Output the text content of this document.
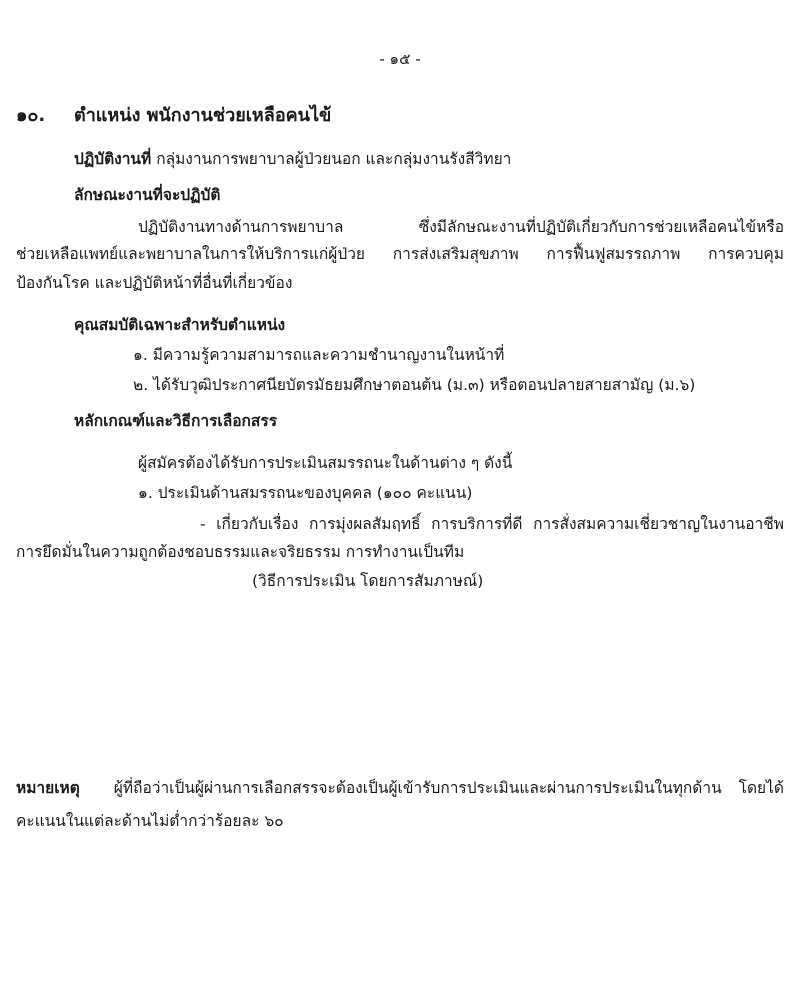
- ๑๕ -
๑๐. ตำแหน่ง พนักงานช่วยเหลือคนไข้
ปฏิบัติงานที่ กลุ่มงานการพยาบาลผู้ป่วยนอก และกลุ่มงานรังสีวิทยา
ลักษณะงานที่จะปฏิบัติ
ปฏิบัติงานทางด้านการพยาบาล ซึ่งมีลักษณะงานที่ปฏิบัติเกี่ยวกับการช่วยเหลือคนไข้หรือ
ช่วยเหลือแพทย์และพยาบาลในการให้บริการแก่ผู้ป่วย การส่งเสริมสุขภาพ การฟื้นฟูสมรรถภาพ การควบคุม
ป้องกันโรค และปฏิบัติหน้าที่อื่นที่เกี่ยวข้อง
คุณสมบัติเฉพาะสำหรับตำแหน่ง
๑. มีความรู้ความสามารถและความชำนาญงานในหน้าที่
๒. ได้รับวุฒิประกาศนียบัตรมัธยมศึกษาตอนต้น (ม.๓) หรือตอนปลายสายสามัญ (ม.๖)
หลักเกณฑ์และวิธีการเลือกสรร
ผู้สมัครต้องได้รับการประเมินสมรรถนะในด้านต่าง ๆ ดังนี้
๑. ประเมินด้านสมรรถนะของบุคคล (๑๐๐ คะแนน)
- เกี่ยวกับเรื่อง การมุ่งผลสัมฤทธิ์ การบริการที่ดี การสั่งสมความเชี่ยวชาญในงานอาชีพ
การยึดมั่นในความถูกต้องชอบธรรมและจริยธรรม การทำงานเป็นทีม
(วิธีการประเมิน โดยการสัมภาษณ์)
หมายเหตุ ผู้ที่ถือว่าเป็นผู้ผ่านการเลือกสรรจะต้องเป็นผู้เข้ารับการประเมินและผ่านการประเมินในทุกด้าน โดยได้
คะแนนในแต่ละด้านไม่ต่ำกว่าร้อยละ ๖๐
